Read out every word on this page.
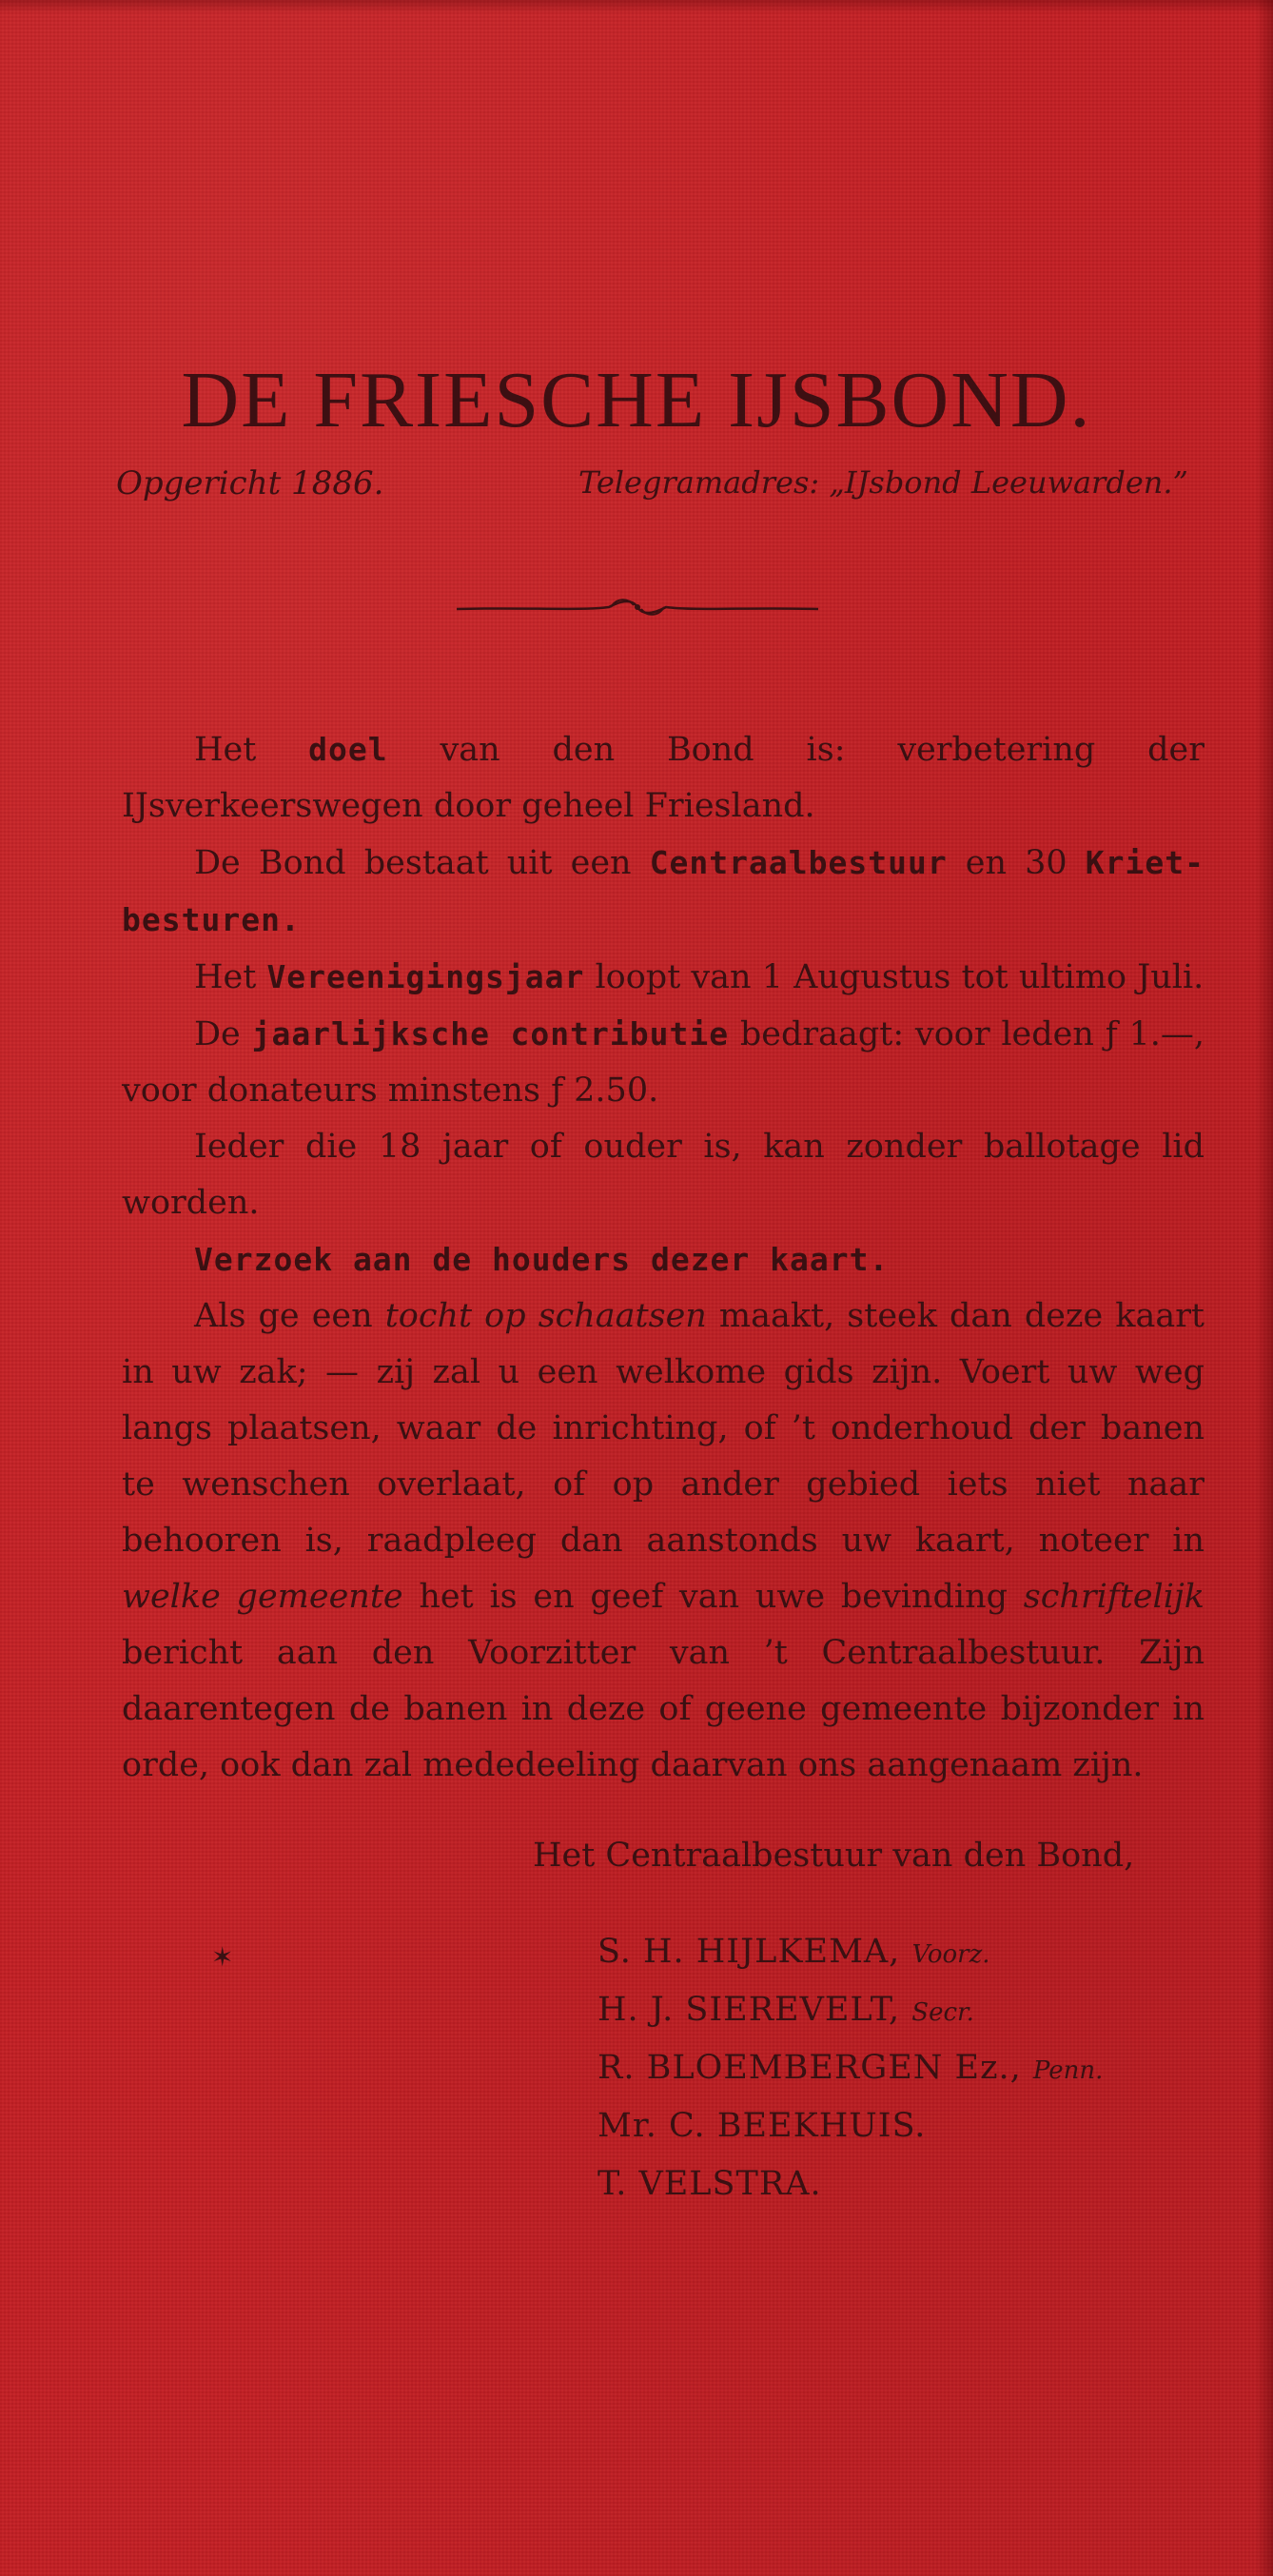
DE FRIESCHE IJSBOND.
Opgericht 1886.	Telegramadres: „IJsbond Leeuwarden.”

Het doel van den Bond is: verbetering der IJsverkeerswegen door geheel Friesland.

De Bond bestaat uit een Centraalbestuur en 30 Kriet-besturen.

Het Vereenigingsjaar loopt van 1 Augustus tot ultimo Juli.

De jaarlijksche contributie bedraagt: voor leden ƒ 1.—, voor donateurs minstens ƒ 2.50.

Ieder die 18 jaar of ouder is, kan zonder ballotage lid worden.

Verzoek aan de houders dezer kaart.

Als ge een tocht op schaatsen maakt, steek dan deze kaart in uw zak; — zij zal u een welkome gids zijn. Voert uw weg langs plaatsen, waar de inrichting, of ’t onderhoud der banen te wenschen overlaat, of op ander gebied iets niet naar behooren is, raadpleeg dan aanstonds uw kaart, noteer in welke gemeente het is en geef van uwe bevinding schriftelijk bericht aan den Voorzitter van ’t Centraalbestuur. Zijn daarentegen de banen in deze of geene gemeente bijzonder in orde, ook dan zal mededeeling daarvan ons aangenaam zijn.

Het Centraalbestuur van den Bond,
✶	S. H. HIJLKEMA, Voorz.
H. J. SIEREVELT, Secr.
R. BLOEMBERGEN Ez., Penn.
Mr. C. BEEKHUIS.
T. VELSTRA.
